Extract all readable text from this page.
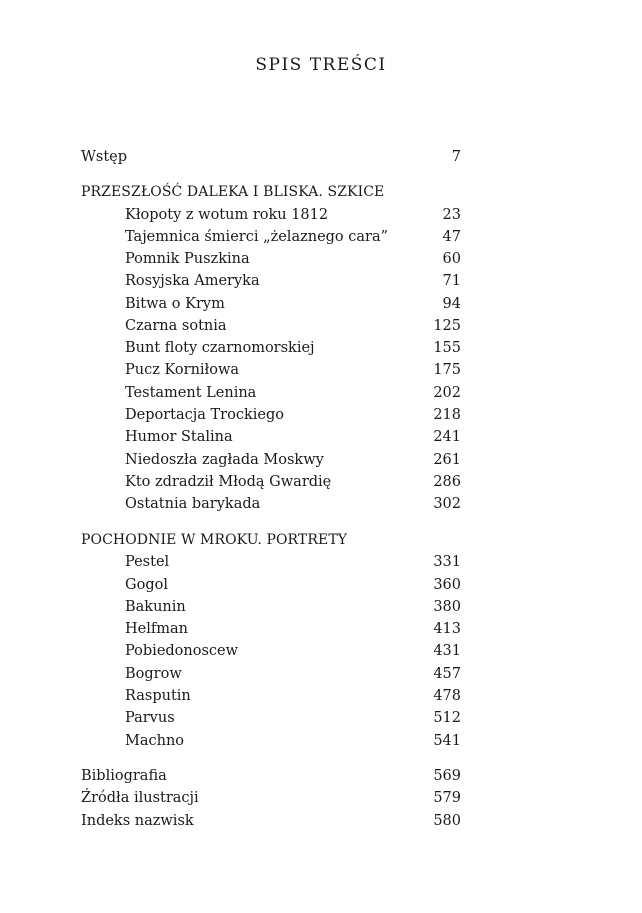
SPIS TREŚCI
Wstęp	7
PRZESZŁOŚĆ DALEKA I BLISKA. SZKICE
Kłopoty z wotum roku 1812	23
Tajemnica śmierci „żelaznego cara”	47
Pomnik Puszkina	60
Rosyjska Ameryka	71
Bitwa o Krym	94
Czarna sotnia	125
Bunt floty czarnomorskiej	155
Pucz Korniłowa	175
Testament Lenina	202
Deportacja Trockiego	218
Humor Stalina	241
Niedoszła zagłada Moskwy	261
Kto zdradził Młodą Gwardię	286
Ostatnia barykada	302
POCHODNIE W MROKU. PORTRETY
Pestel	331
Gogol	360
Bakunin	380
Helfman	413
Pobiedonoscew	431
Bogrow	457
Rasputin	478
Parvus	512
Machno	541
Bibliografia	569
Źródła ilustracji	579
Indeks nazwisk	580
